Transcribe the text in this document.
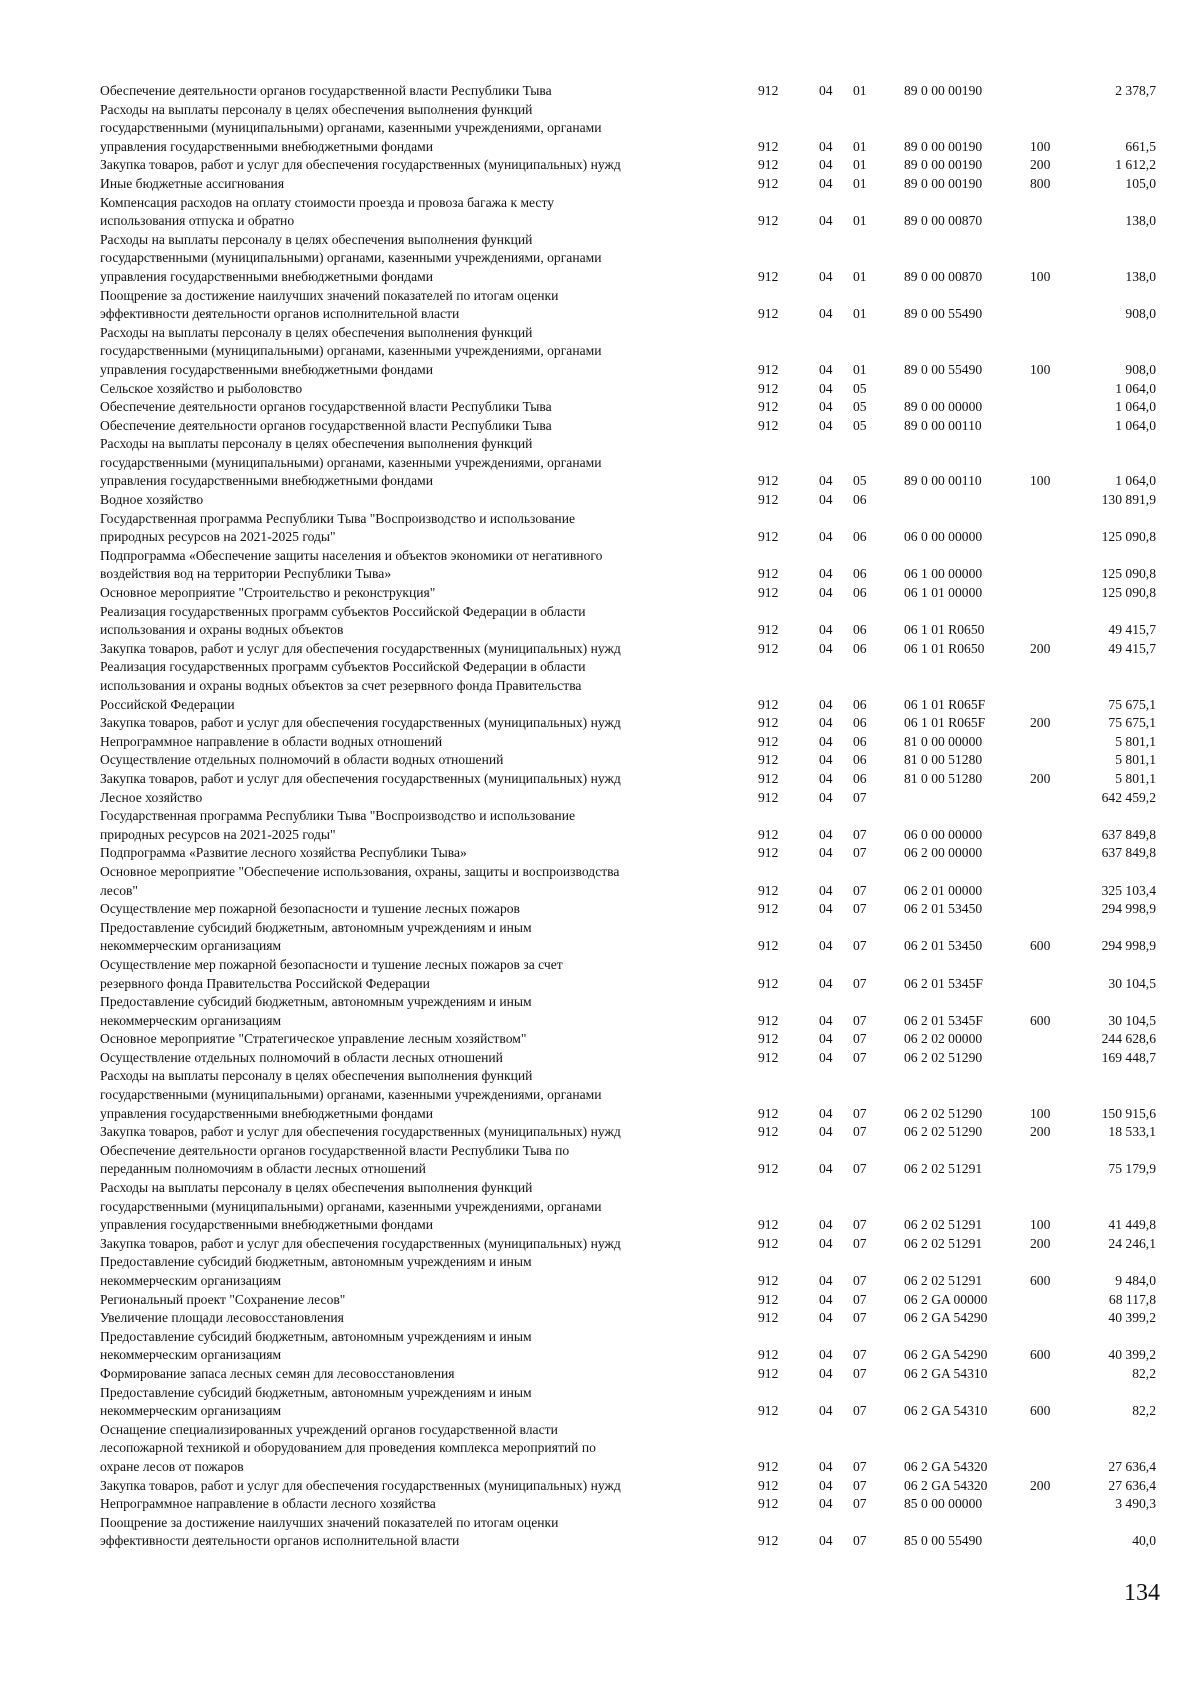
Обеспечение деятельности органов государственной власти Республики Тыва	912	04 01	89 0 00 00190	2 378,7
Расходы на выплаты персоналу в целях обеспечения выполнения функций
государственными (муниципальными) органами, казенными учреждениями, органами
управления государственными внебюджетными фондами	912	04 01	89 0 00 00190	100	661,5
Закупка товаров, работ и услуг для обеспечения государственных (муниципальных) нужд	912	04 01	89 0 00 00190	200	1 612,2
Иные бюджетные ассигнования	912	04 01	89 0 00 00190	800	105,0
Компенсация расходов на оплату стоимости проезда и провоза багажа к месту
использования отпуска и обратно	912	04 01	89 0 00 00870	138,0
Расходы на выплаты персоналу в целях обеспечения выполнения функций
государственными (муниципальными) органами, казенными учреждениями, органами
управления государственными внебюджетными фондами	912	04 01	89 0 00 00870	100	138,0
Поощрение за достижение наилучших значений показателей по итогам оценки
эффективности деятельности органов исполнительной власти	912	04 01	89 0 00 55490	908,0
Расходы на выплаты персоналу в целях обеспечения выполнения функций
государственными (муниципальными) органами, казенными учреждениями, органами
управления государственными внебюджетными фондами	912	04 01	89 0 00 55490	100	908,0
Сельское хозяйство и рыболовство	912	04 05	1 064,0
Обеспечение деятельности органов государственной власти Республики Тыва	912	04 05	89 0 00 00000	1 064,0
Обеспечение деятельности органов государственной власти Республики Тыва	912	04 05	89 0 00 00110	1 064,0
Расходы на выплаты персоналу в целях обеспечения выполнения функций
государственными (муниципальными) органами, казенными учреждениями, органами
управления государственными внебюджетными фондами	912	04 05	89 0 00 00110	100	1 064,0
Водное хозяйство	912	04 06	130 891,9
Государственная программа Республики Тыва "Воспроизводство и использование
природных ресурсов на 2021-2025 годы"	912	04 06	06 0 00 00000	125 090,8
Подпрограмма «Обеспечение защиты населения и объектов экономики от негативного
воздействия вод на территории Республики Тыва»	912	04 06	06 1 00 00000	125 090,8
Основное мероприятие "Строительство и реконструкция"	912	04 06	06 1 01 00000	125 090,8
Реализация государственных программ субъектов Российской Федерации в области
использования и охраны водных объектов	912	04 06	06 1 01 R0650	49 415,7
Закупка товаров, работ и услуг для обеспечения государственных (муниципальных) нужд	912	04 06	06 1 01 R0650	200	49 415,7
Реализация государственных программ субъектов Российской Федерации в области
использования и охраны водных объектов за счет резервного фонда Правительства
Российской Федерации	912	04 06	06 1 01 R065F	75 675,1
Закупка товаров, работ и услуг для обеспечения государственных (муниципальных) нужд	912	04 06	06 1 01 R065F	200	75 675,1
Непрограммное направление в области водных отношений	912	04 06	81 0 00 00000	5 801,1
Осуществление отдельных полномочий в области водных отношений	912	04 06	81 0 00 51280	5 801,1
Закупка товаров, работ и услуг для обеспечения государственных (муниципальных) нужд	912	04 06	81 0 00 51280	200	5 801,1
Лесное хозяйство	912	04 07	642 459,2
Государственная программа Республики Тыва "Воспроизводство и использование
природных ресурсов на 2021-2025 годы"	912	04 07	06 0 00 00000	637 849,8
Подпрограмма «Развитие лесного хозяйства Республики Тыва»	912	04 07	06 2 00 00000	637 849,8
Основное мероприятие "Обеспечение использования, охраны, защиты и воспроизводства
лесов"	912	04 07	06 2 01 00000	325 103,4
Осуществление мер пожарной безопасности и тушение лесных пожаров	912	04 07	06 2 01 53450	294 998,9
Предоставление субсидий бюджетным, автономным учреждениям и иным
некоммерческим организациям	912	04 07	06 2 01 53450	600	294 998,9
Осуществление мер пожарной безопасности и тушение лесных пожаров за счет
резервного фонда Правительства Российской Федерации	912	04 07	06 2 01 5345F	30 104,5
Предоставление субсидий бюджетным, автономным учреждениям и иным
некоммерческим организациям	912	04 07	06 2 01 5345F	600	30 104,5
Основное мероприятие "Стратегическое управление лесным хозяйством"	912	04 07	06 2 02 00000	244 628,6
Осуществление отдельных полномочий в области лесных отношений	912	04 07	06 2 02 51290	169 448,7
Расходы на выплаты персоналу в целях обеспечения выполнения функций
государственными (муниципальными) органами, казенными учреждениями, органами
управления государственными внебюджетными фондами	912	04 07	06 2 02 51290	100	150 915,6
Закупка товаров, работ и услуг для обеспечения государственных (муниципальных) нужд	912	04 07	06 2 02 51290	200	18 533,1
Обеспечение деятельности органов государственной власти Республики Тыва по
переданным полномочиям в области лесных отношений	912	04 07	06 2 02 51291	75 179,9
Расходы на выплаты персоналу в целях обеспечения выполнения функций
государственными (муниципальными) органами, казенными учреждениями, органами
управления государственными внебюджетными фондами	912	04 07	06 2 02 51291	100	41 449,8
Закупка товаров, работ и услуг для обеспечения государственных (муниципальных) нужд	912	04 07	06 2 02 51291	200	24 246,1
Предоставление субсидий бюджетным, автономным учреждениям и иным
некоммерческим организациям	912	04 07	06 2 02 51291	600	9 484,0
Региональный проект "Сохранение лесов"	912	04 07	06 2 GA 00000	68 117,8
Увеличение площади лесовосстановления	912	04 07	06 2 GA 54290	40 399,2
Предоставление субсидий бюджетным, автономным учреждениям и иным
некоммерческим организациям	912	04 07	06 2 GA 54290	600	40 399,2
Формирование запаса лесных семян для лесовосстановления	912	04 07	06 2 GA 54310	82,2
Предоставление субсидий бюджетным, автономным учреждениям и иным
некоммерческим организациям	912	04 07	06 2 GA 54310	600	82,2
Оснащение специализированных учреждений органов государственной власти
лесопожарной техникой и оборудованием для проведения комплекса мероприятий по
охране лесов от пожаров	912	04 07	06 2 GA 54320	27 636,4
Закупка товаров, работ и услуг для обеспечения государственных (муниципальных) нужд	912	04 07	06 2 GA 54320	200	27 636,4
Непрограммное направление в области лесного хозяйства	912	04 07	85 0 00 00000	3 490,3
Поощрение за достижение наилучших значений показателей по итогам оценки
эффективности деятельности органов исполнительной власти	912	04 07	85 0 00 55490	40,0
134
